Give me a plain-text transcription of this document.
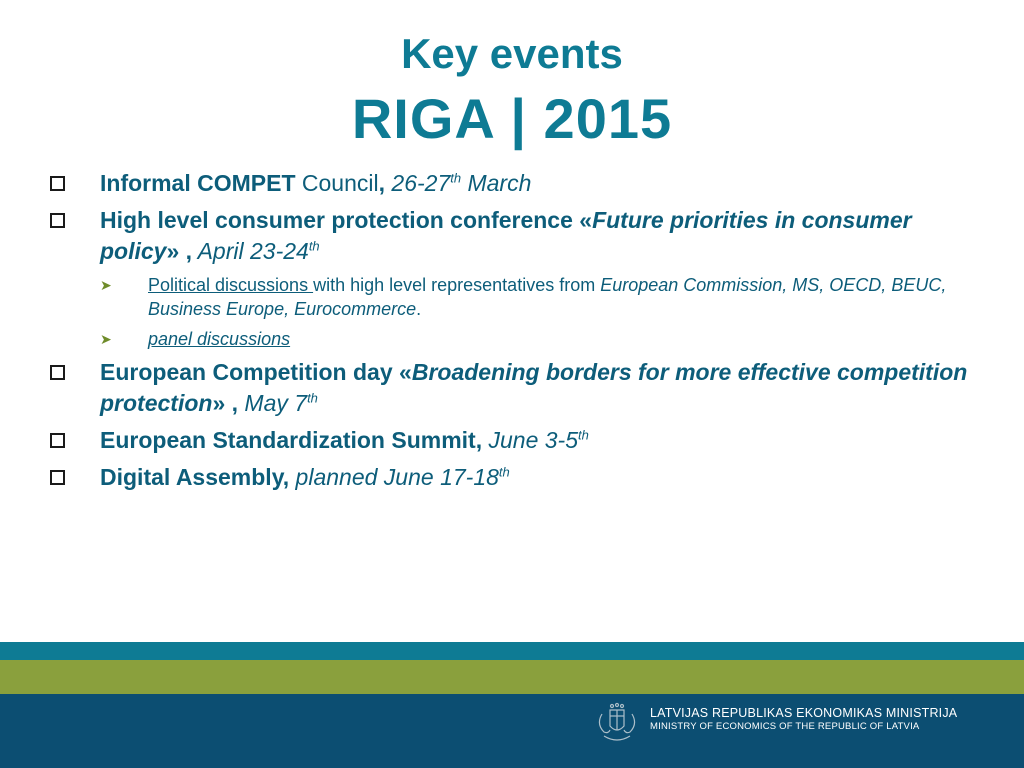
Key events
RIGA | 2015
Informal COMPET Council, 26-27th March
High level consumer protection conference «Future priorities in consumer policy» , April 23-24th
➤ Political discussions with high level representatives from European Commission, MS, OECD, BEUC, Business Europe, Eurocommerce.
➤ panel discussions
European Competition day «Broadening borders for more effective competition protection» , May 7th
European Standardization Summit, June 3-5th
Digital Assembly, planned June 17-18th
LATVIJAS REPUBLIKAS EKONOMIKAS MINISTRIJA
MINISTRY OF ECONOMICS OF THE REPUBLIC OF LATVIA
